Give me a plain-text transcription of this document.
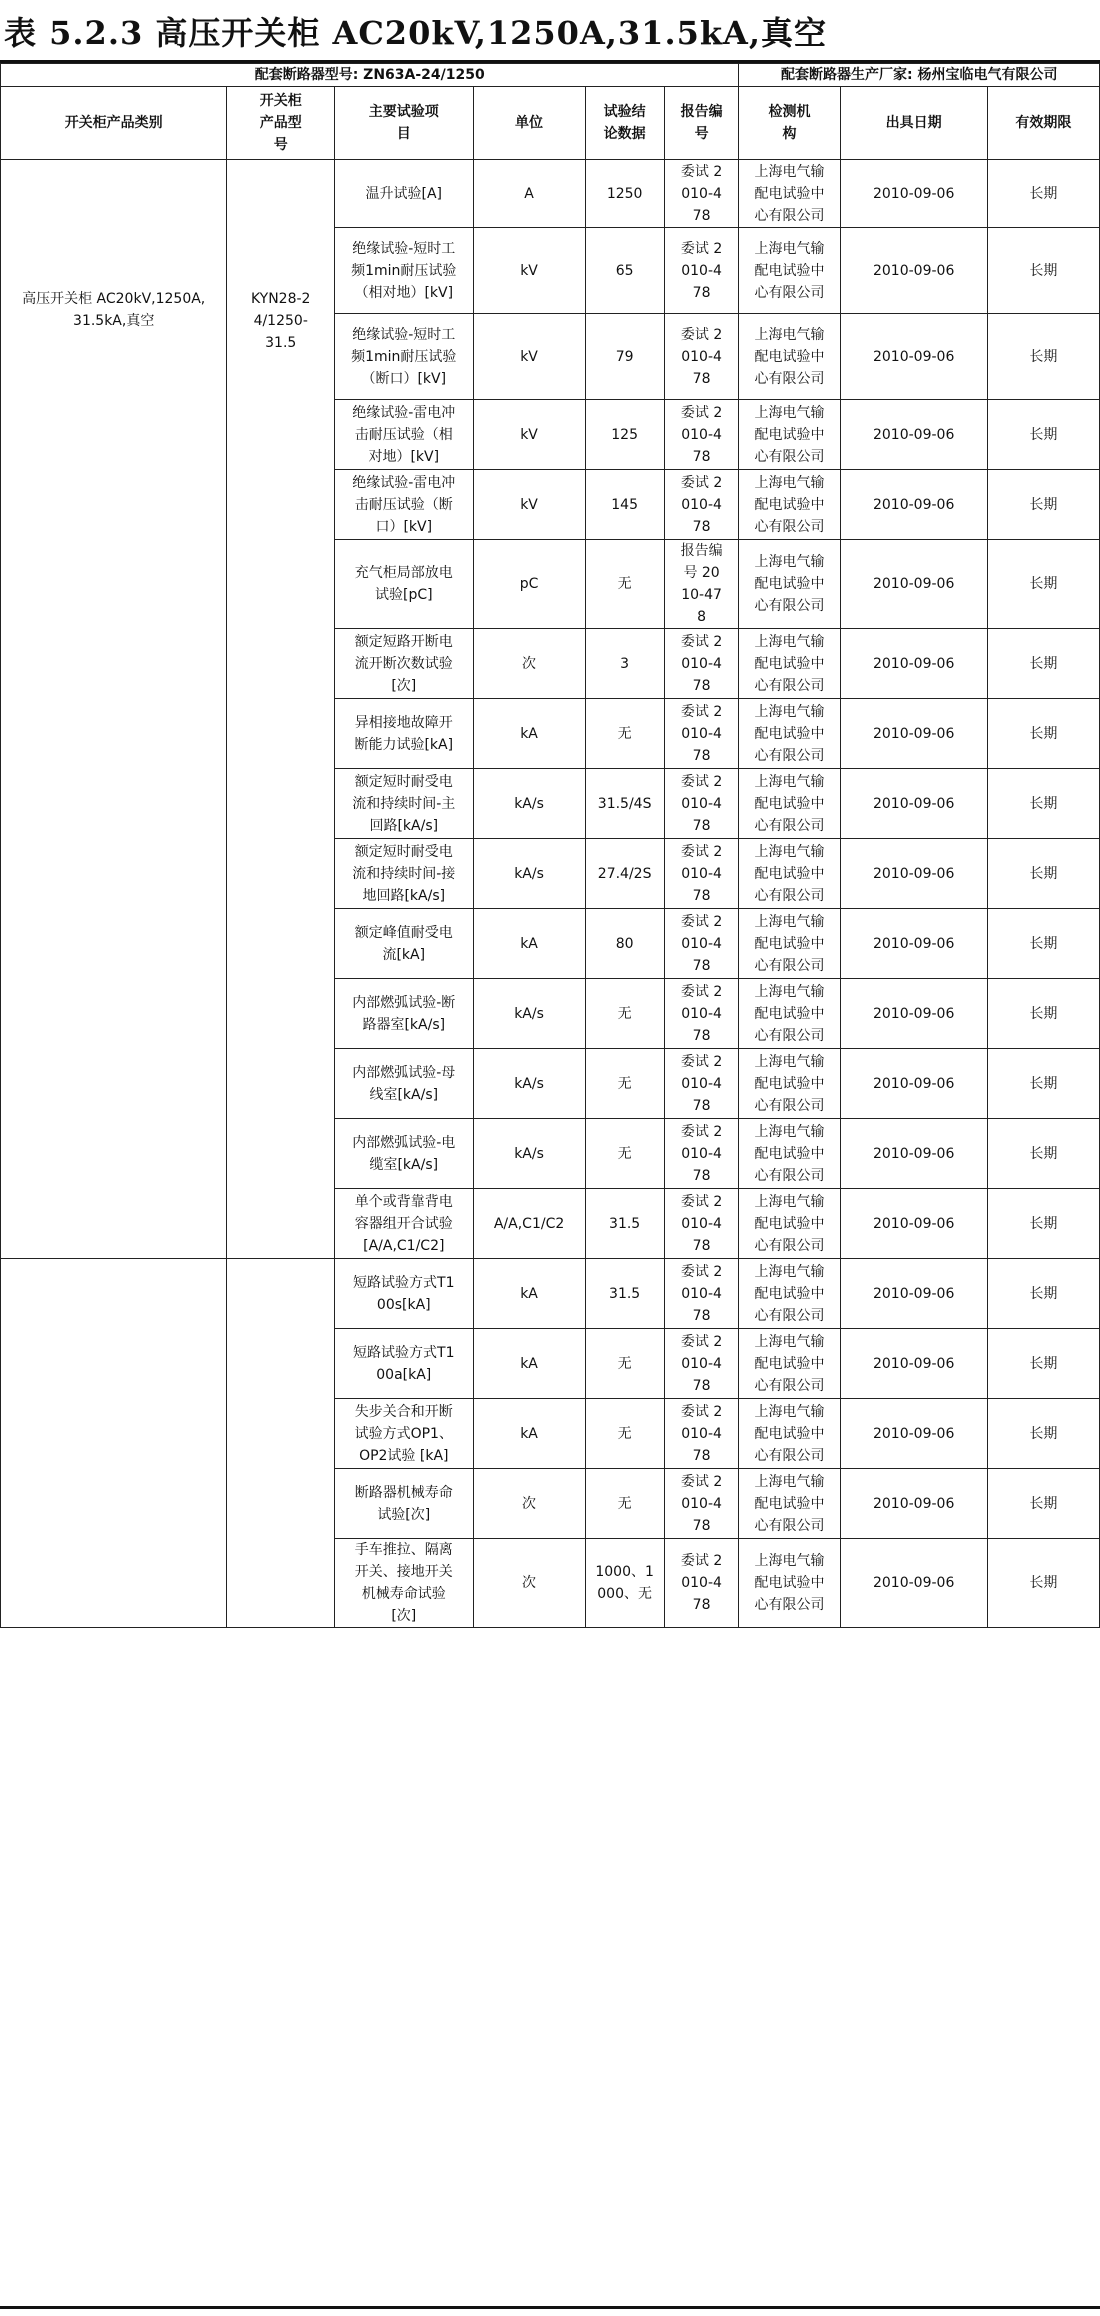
表 5.2.3 高压开关柜 AC20kV,1250A,31.5kA,真空
配套断路器型号: ZN63A-24/1250						配套断路器生产厂家: 杨州宝临电气有限公司		
开关柜产品类别	开关柜产品型号	主要试验项目	单位	试验结论数据	报告编号	检测机构	出具日期	有效期限

高压开关柜 AC20kV,1250A,31.5kA,真空	KYN28-24/1250-31.5	温升试验[A]	A	1250	委试 2010-478	上海电气输配电试验中心有限公司	2010-09-06	长期

		绝缘试验-短时工频1min耐压试验（相对地）[kV]	kV	65	委试 2010-478	上海电气输配电试验中心有限公司	2010-09-06	长期

		绝缘试验-短时工频1min耐压试验（断口）[kV]	kV	79	委试 2010-478	上海电气输配电试验中心有限公司	2010-09-06	长期

		绝缘试验-雷电冲击耐压试验（相对地）[kV]	kV	125	委试 2010-478	上海电气输配电试验中心有限公司	2010-09-06	长期

		绝缘试验-雷电冲击耐压试验（断口）[kV]	kV	145	委试 2010-478	上海电气输配电试验中心有限公司	2010-09-06	长期

		充气柜局部放电试验[pC]	pC	无	报告编号 2010-478	上海电气输配电试验中心有限公司	2010-09-06	长期

		额定短路开断电流开断次数试验[次]	次	3	委试 2010-478	上海电气输配电试验中心有限公司	2010-09-06	长期

		异相接地故障开断能力试验[kA]	kA	无	委试 2010-478	上海电气输配电试验中心有限公司	2010-09-06	长期

		额定短时耐受电流和持续时间-主回路[kA/s]	kA/s	31.5/4S	委试 2010-478	上海电气输配电试验中心有限公司	2010-09-06	长期

		额定短时耐受电流和持续时间-接地回路[kA/s]	kA/s	27.4/2S	委试 2010-478	上海电气输配电试验中心有限公司	2010-09-06	长期

		额定峰值耐受电流[kA]	kA	80	委试 2010-478	上海电气输配电试验中心有限公司	2010-09-06	长期

		内部燃弧试验-断路器室[kA/s]	kA/s	无	委试 2010-478	上海电气输配电试验中心有限公司	2010-09-06	长期

		内部燃弧试验-母线室[kA/s]	kA/s	无	委试 2010-478	上海电气输配电试验中心有限公司	2010-09-06	长期

		内部燃弧试验-电缆室[kA/s]	kA/s	无	委试 2010-478	上海电气输配电试验中心有限公司	2010-09-06	长期

		单个或背靠背电容器组开合试验[A/A,C1/C2]	A/A,C1/C2	31.5	委试 2010-478	上海电气输配电试验中心有限公司	2010-09-06	长期

		短路试验方式T100s[kA]	kA	31.5	委试 2010-478	上海电气输配电试验中心有限公司	2010-09-06	长期

		短路试验方式T100a[kA]	kA	无	委试 2010-478	上海电气输配电试验中心有限公司	2010-09-06	长期

		失步关合和开断试验方式OP1、OP2试验 [kA]	kA	无	委试 2010-478	上海电气输配电试验中心有限公司	2010-09-06	长期

		断路器机械寿命试验[次]	次	无	委试 2010-478	上海电气输配电试验中心有限公司	2010-09-06	长期

		手车推拉、隔离开关、接地开关机械寿命试验[次]	次	1000、1000、无	委试 2010-478	上海电气输配电试验中心有限公司	2010-09-06	长期
